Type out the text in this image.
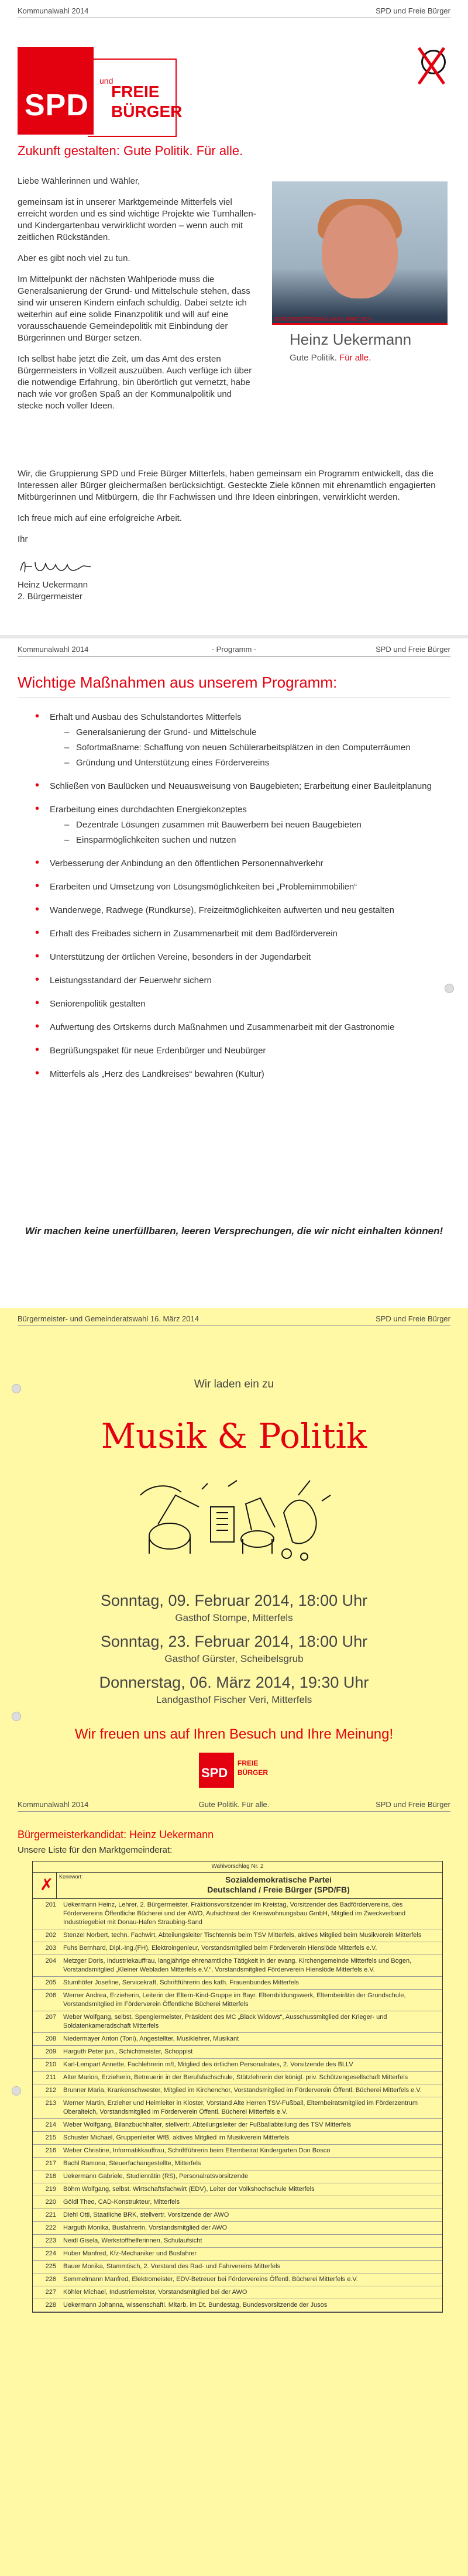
Kommunalwahl 2014	SPD und Freie Bürger
SPD
und
FREIE
BÜRGER
Zukunft gestalten: Gute Politik. Für alle.

Liebe Wählerinnen und Wähler,

gemeinsam ist in unserer Marktgemeinde Mitterfels viel erreicht worden und es sind wichtige Projekte wie Turnhallen- und Kindergartenbau verwirklicht worden – wenn auch mit zeitlichen Rückständen.

Aber es gibt noch viel zu tun.

Im Mittelpunkt der nächsten Wahlperiode muss die Generalsanierung der Grund- und Mittelschule stehen, dass sind wir unseren Kindern einfach schuldig. Dabei setzte ich weiterhin auf eine solide Finanzpolitik und will auf eine vorausschauende Gemeindepolitik mit Einbindung der Bürgerinnen und Bürger setzen.

Ich selbst habe jetzt die Zeit, um das Amt des ersten Bürgermeisters in Vollzeit auszuüben. Auch verfüge ich über die notwendige Erfahrung, bin überörtlich gut vernetzt, habe nach wie vor großen Spaß an der Kommunalpolitik und stecke noch voller Ideen.

BÜRGERMEISTERWAHL AM 16. MÄRZ 2014
Heinz Uekermann
Gute Politik. Für alle.

Wir, die Gruppierung SPD und Freie Bürger Mitterfels, haben gemeinsam ein Programm entwickelt, das die Interessen aller Bürger gleichermaßen berücksichtigt. Gesteckte Ziele können mit ehrenamtlich engagierten Mitbürgerinnen und Mitbürgern, die Ihr Fachwissen und Ihre Ideen einbringen, verwirklicht werden.

Ich freue mich auf eine erfolgreiche Arbeit.

Ihr

Heinz Uekermann
2. Bürgermeister
Kommunalwahl 2014	- Programm -	SPD und Freie Bürger
Wichtige Maßnahmen aus unserem Programm:
• Erhalt und Ausbau des Schulstandortes Mitterfels
– Generalsanierung der Grund- und Mittelschule
– Sofortmaßname: Schaffung von neuen Schülerarbeitsplätzen in den Computerräumen
– Gründung und Unterstützung eines Fördervereins
• Schließen von Baulücken und Neuausweisung von Baugebieten; Erarbeitung einer Bauleitplanung
• Erarbeitung eines durchdachten Energiekonzeptes
– Dezentrale Lösungen zusammen mit Bauwerbern bei neuen Baugebieten
– Einsparmöglichkeiten suchen und nutzen
• Verbesserung der Anbindung an den öffentlichen Personennahverkehr
• Erarbeiten und Umsetzung von Lösungsmöglichkeiten bei „Problemimmobilien“
• Wanderwege, Radwege (Rundkurse), Freizeitmöglichkeiten aufwerten und neu gestalten
• Erhalt des Freibades sichern in Zusammenarbeit mit dem Badförderverein
• Unterstützung der örtlichen Vereine, besonders in der Jugendarbeit
• Leistungsstandard der Feuerwehr sichern
• Seniorenpolitik gestalten
• Aufwertung des Ortskerns durch Maßnahmen und Zusammenarbeit mit der Gastronomie
• Begrüßungspaket für neue Erdenbürger und Neubürger
• Mitterfels als „Herz des Landkreises“ bewahren (Kultur)
Wir machen keine unerfüllbaren, leeren Versprechungen, die wir nicht einhalten können!
Bürgermeister- und Gemeinderatswahl 16. März 2014	SPD und Freie Bürger
Wir laden ein zu
Musik & Politik
Sonntag, 09. Februar 2014, 18:00 Uhr
Gasthof Stompe, Mitterfels
Sonntag, 23. Februar 2014, 18:00 Uhr
Gasthof Gürster, Scheibelsgrub
Donnerstag, 06. März 2014, 19:30 Uhr
Landgasthof Fischer Veri, Mitterfels
Wir freuen uns auf Ihren Besuch und Ihre Meinung!
SPD
FREIE
BÜRGER
Kommunalwahl 2014	Gute Politik. Für alle.	SPD und Freie Bürger
Bürgermeisterkandidat: Heinz Uekermann
Unsere Liste für den Marktgemeinderat:
Wahlvorschlag Nr. 2
✗ Kennwort:	Sozialdemokratische Partei
Deutschland / Freie Bürger (SPD/FB)
201	Uekermann Heinz, Lehrer, 2. Bürgermeister, Fraktionsvorsitzender im Kreistag, Vorsitzender des Badfördervereins, des Fördervereins Öffentliche Bücherei und der AWO, Aufsichtsrat der Kreiswohnungsbau GmbH, Mitglied im Zweckverband Industriegebiet mit Donau-Hafen Straubing-Sand
202	Stenzel Norbert, techn. Fachwirt, Abteilungsleiter Tischtennis beim TSV Mitterfels, aktives Mitglied beim Musikverein Mitterfels
203	Fuhs Bernhard, Dipl.-Ing.(FH), Elektroingenieur, Vorstandsmitglied beim Förderverein Hienslöde Mitterfels e.V.
204	Metzger Doris, Industriekauffrau, langjährige ehrenamtliche Tätigkeit in der evang. Kirchengemeinde Mitterfels und Bogen, Vorstandsmitglied „Kleiner Webladen Mitterfels e.V.“, Vorstandsmitglied Förderverein Hienslöde Mitterfels e.V.
205	Stumhöfer Josefine, Servicekraft, Schriftführerin des kath. Frauenbundes Mitterfels
206	Werner Andrea, Erzieherin, Leiterin der Eltern-Kind-Gruppe im Bayr. Elternbildungswerk, Elternbeirätin der Grundschule, Vorstandsmitglied im Förderverein Öffentliche Bücherei Mitterfels
207	Weber Wolfgang, selbst. Spenglermeister, Präsident des MC „Black Widows“, Ausschussmitglied der Krieger- und Soldatenkameradschaft Mitterfels
208	Niedermayer Anton (Toni), Angestellter, Musiklehrer, Musikant
209	Harguth Peter jun., Schichtmeister, Schoppist
210	Karl-Lempart Annette, Fachlehrerin m/t, Mitglied des örtlichen Personalrates, 2. Vorsitzende des BLLV
211	Alter Marion, Erzieherin, Betreuerin in der Berufsfachschule, Stützlehrerin der königl. priv. Schützengesellschaft Mitterfels
212	Brunner Maria, Krankenschwester, Mitglied im Kirchenchor, Vorstandsmitglied im Förderverein Öffentl. Bücherei Mitterfels e.V.
213	Werner Martin, Erzieher und Heimleiter in Kloster, Vorstand Alte Herren TSV-Fußball, Elternbeiratsmitglied im Förderzentrum Oberalteich, Vorstandsmitglied im Förderverein Öffentl. Bücherei Mitterfels e.V.
214	Weber Wolfgang, Bilanzbuchhalter, stellvertr. Abteilungsleiter der Fußballabteilung des TSV Mitterfels
215	Schuster Michael, Gruppenleiter WfB, aktives Mitglied im Musikverein Mitterfels
216	Weber Christine, Informatikkauffrau, Schriftführerin beim Elternbeirat Kindergarten Don Bosco
217	Bachl Ramona, Steuerfachangestellte, Mitterfels
218	Uekermann Gabriele, Studienrätin (RS), Personalratsvorsitzende
219	Böhm Wolfgang, selbst. Wirtschaftsfachwirt (EDV), Leiter der Volkshochschule Mitterfels
220	Göldl Theo, CAD-Konstrukteur, Mitterfels
221	Diehl Otti, Staatliche BRK, stellvertr. Vorsitzende der AWO
222	Harguth Monika, Busfahrerin, Vorstandsmitglied der AWO
223	Neidl Gisela, Werkstoffhelferinnen, Schulaufsicht
224	Huber Manfred, Kfz-Mechaniker und Busfahrer
225	Bauer Monika, Stammtisch, 2. Vorstand des Rad- und Fahrvereins Mitterfels
226	Semmelmann Manfred, Elektromeister, EDV-Betreuer bei Fördervereins Öffentl. Bücherei Mitterfels e.V.
227	Köhler Michael, Industriemeister, Vorstandsmitglied bei der AWO
228	Uekermann Johanna, wissenschaftl. Mitarb. im Dt. Bundestag, Bundesvorsitzende der Jusos
